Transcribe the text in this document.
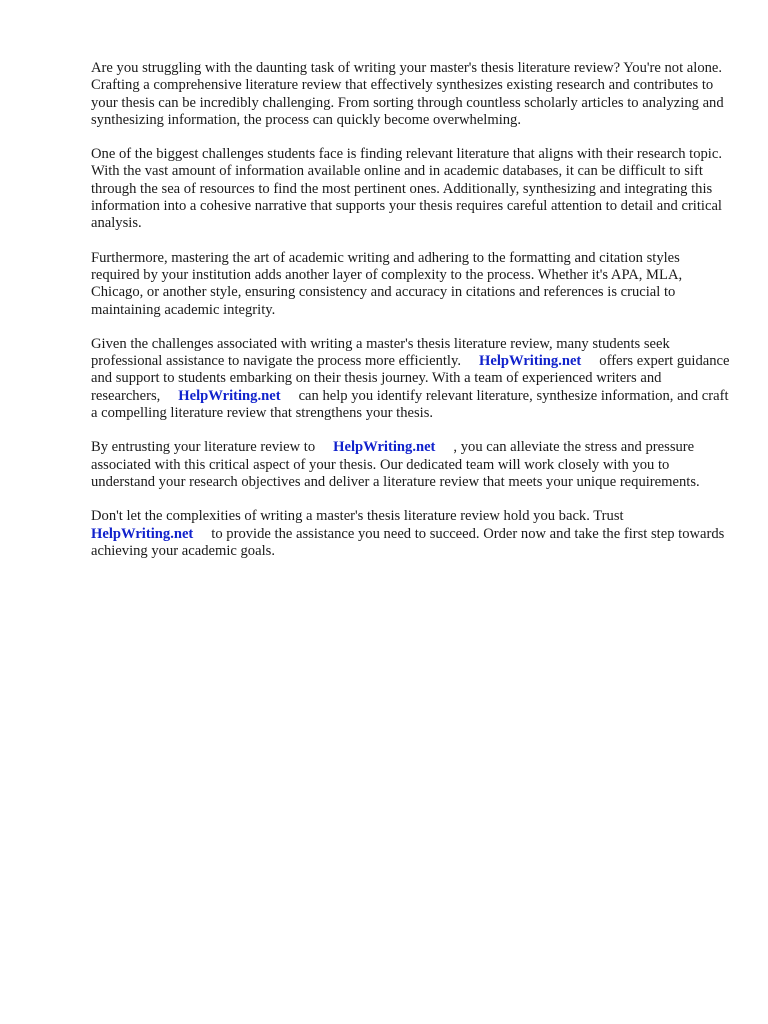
Are you struggling with the daunting task of writing your master's thesis literature review? You're not alone. Crafting a comprehensive literature review that effectively synthesizes existing research and contributes to your thesis can be incredibly challenging. From sorting through countless scholarly articles to analyzing and synthesizing information, the process can quickly become overwhelming.

One of the biggest challenges students face is finding relevant literature that aligns with their research topic. With the vast amount of information available online and in academic databases, it can be difficult to sift through the sea of resources to find the most pertinent ones. Additionally, synthesizing and integrating this information into a cohesive narrative that supports your thesis requires careful attention to detail and critical analysis.

Furthermore, mastering the art of academic writing and adhering to the formatting and citation styles required by your institution adds another layer of complexity to the process. Whether it's APA, MLA, Chicago, or another style, ensuring consistency and accuracy in citations and references is crucial to maintaining academic integrity.

Given the challenges associated with writing a master's thesis literature review, many students seek professional assistance to navigate the process more efficiently. HelpWriting.net offers expert guidance and support to students embarking on their thesis journey. With a team of experienced writers and researchers, HelpWriting.net can help you identify relevant literature, synthesize information, and craft a compelling literature review that strengthens your thesis.

By entrusting your literature review to HelpWriting.net , you can alleviate the stress and pressure associated with this critical aspect of your thesis. Our dedicated team will work closely with you to understand your research objectives and deliver a literature review that meets your unique requirements.

Don't let the complexities of writing a master's thesis literature review hold you back. Trust HelpWriting.net to provide the assistance you need to succeed. Order now and take the first step towards achieving your academic goals.
